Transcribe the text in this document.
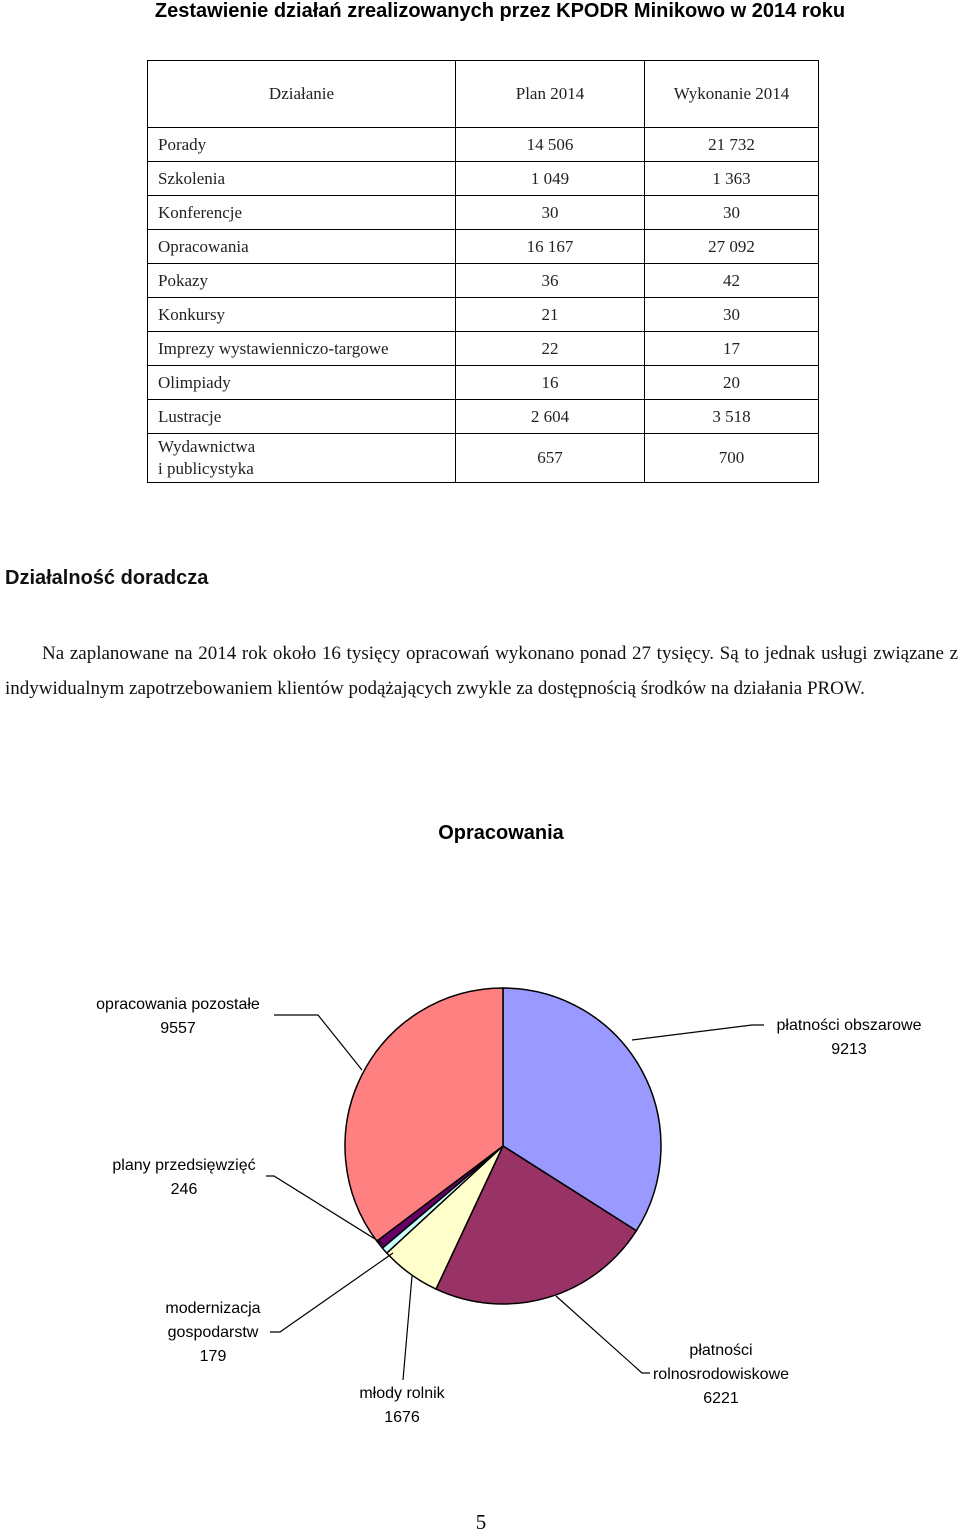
Zestawienie działań zrealizowanych przez KPODR Minikowo w 2014 roku
Działanie	Plan 2014	Wykonanie 2014
Porady	14 506	21 732
Szkolenia	1 049	1 363
Konferencje	30	30
Opracowania	16 167	27 092
Pokazy	36	42
Konkursy	21	30
Imprezy wystawienniczo-targowe	22	17
Olimpiady	16	20
Lustracje	2 604	3 518
Wydawnictwa
i publicystyka	657	700
Działalność doradcza
Na zaplanowane na 2014 rok około 16 tysięcy opracowań wykonano ponad 27 tysięcy. Są to jednak usługi związane z indywidualnym zapotrzebowaniem klientów podążających zwykle za dostępnością środków na działania PROW.
Opracowania
opracowania pozostałe
9557	płatności obszarowe
9213
plany przedsięwzięć
246
modernizacja
gospodarstw
179
młody rolnik
1676
płatności
rolnosrodowiskowe
6221
5
